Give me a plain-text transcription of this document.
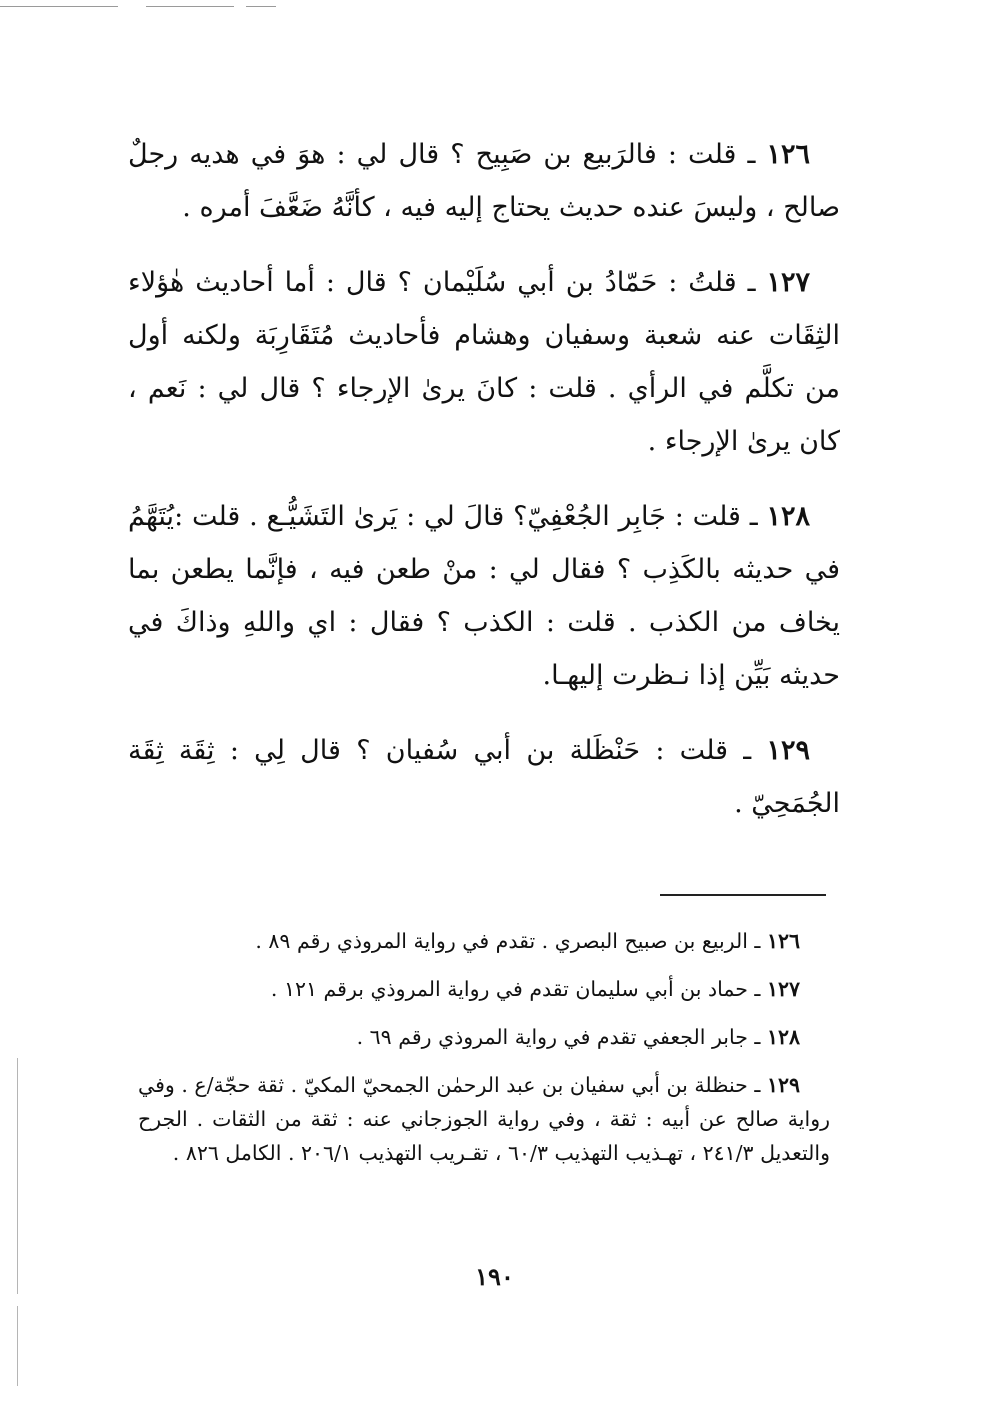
١٢٦ ـ قلت : فالرَبيع بن صَبِيح ؟ قال لي : هوَ في هديه رجلٌ صالح ، وليسَ عنده حديث يحتاج إليه فيه ، كأنَّهُ ضَعَّفَ أمره .

١٢٧ ـ قلتُ : حَمّادُ بن أبي سُلَيْمان ؟ قال : أما أحاديث هٰؤلاء الثِقَات عنه شعبة وسفيان وهشام فأحاديث مُتَقَارِبَة ولكنه أول من تكلَّم في الرأي . قلت : كانَ يرىٰ الإرجاء ؟ قال لي : نَعم ، كان يرىٰ الإرجاء .

١٢٨ ـ قلت : جَابِر الجُعْفِيّ؟ قالَ لي : يَرىٰ التَشَيُّـع . قلت :يُتَهَّمُ في حديثه بالكَذِب ؟ فقال لي : منْ طعن فيه ، فإنَّما يطعن بما يخاف من الكذب . قلت : الكذب ؟ فقال : اي واللهِ وذاكَ في حديثه بَيِّن إذا نـظرت إليهـا.

١٢٩ ـ قلت : حَنْظَلة بن أبي سُفيان ؟ قال لِي : ثِقَة ثِقَة الجُمَحِيّ .

١٢٦ ـ الربيع بن صبيح البصري . تقدم في رواية المروذي رقم ٨٩ .

١٢٧ ـ حماد بن أبي سليمان تقدم في رواية المروذي برقم ١٢١ .

١٢٨ ـ جابر الجعفي تقدم في رواية المروذي رقم ٦٩ .

١٢٩ ـ حنظلة بن أبي سفيان بن عبد الرحمٰن الجمحيّ المكيّ . ثقة حجّة/ع . وفي رواية صالح عن أبيه : ثقة ، وفي رواية الجوزجاني عنه : ثقة من الثقات . الجرح والتعديل ٢٤١/٣ ، تهـذيب التهذيب ٦٠/٣ ، تقـريب التهذيب ٢٠٦/١ . الكامل ٨٢٦ .

١٩٠
